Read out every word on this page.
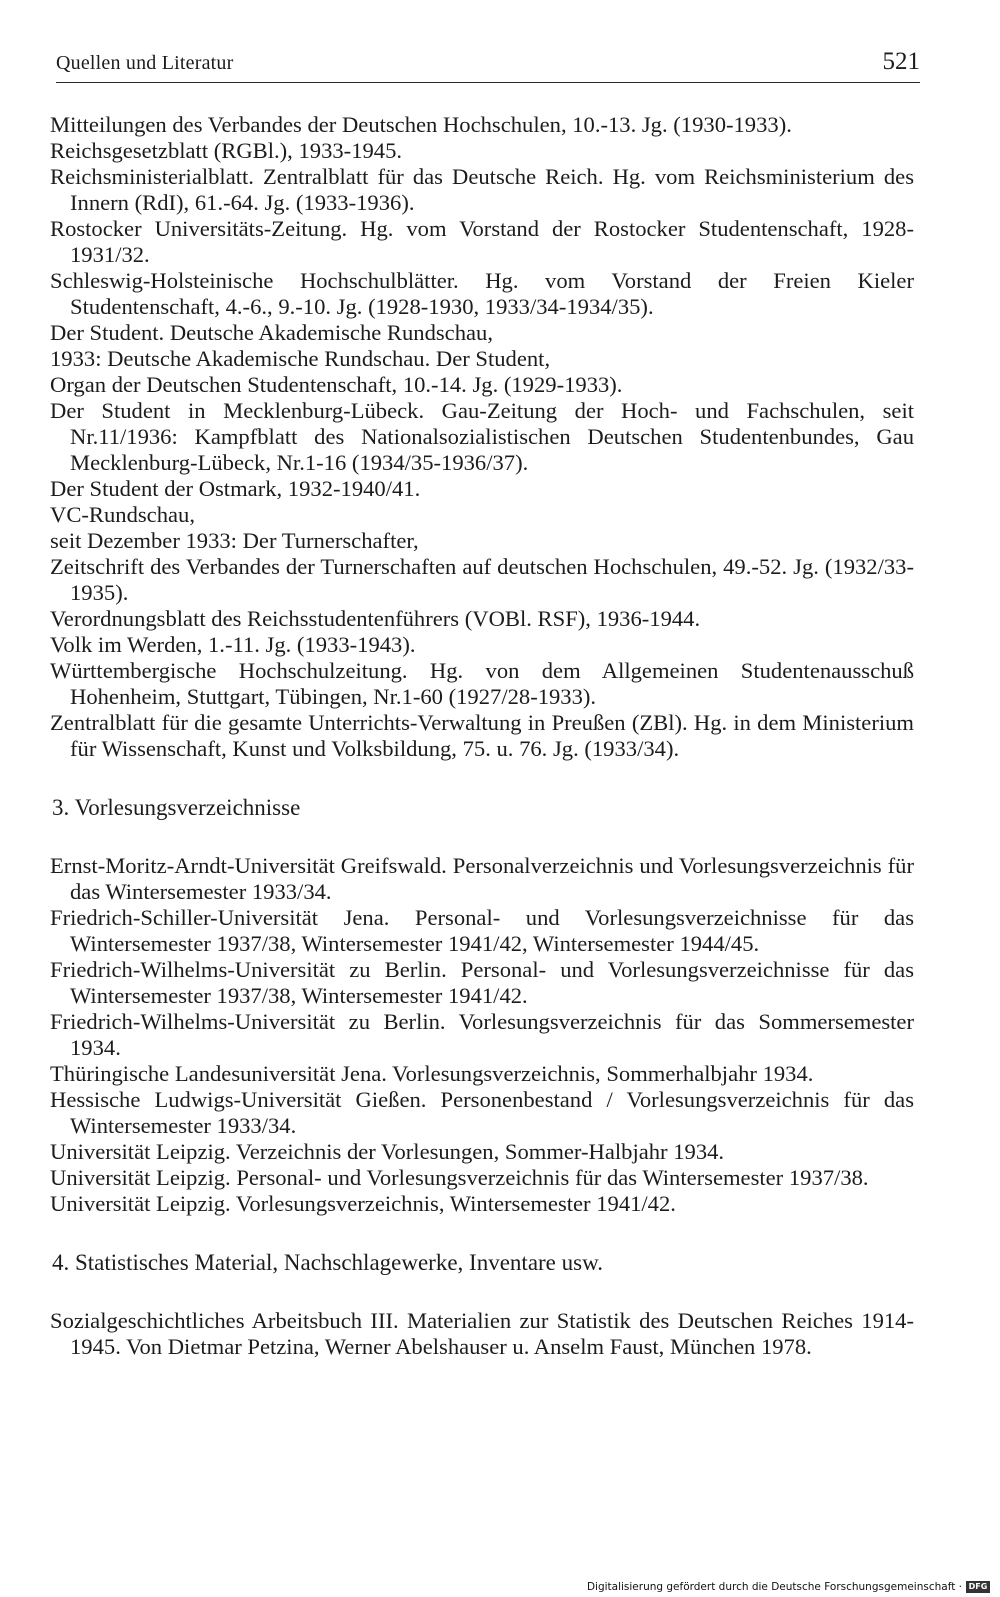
Quellen und Literatur	521

Mitteilungen des Verbandes der Deutschen Hochschulen, 10.-13. Jg. (1930-1933).

Reichsgesetzblatt (RGBl.), 1933-1945.

Reichsministerialblatt. Zentralblatt für das Deutsche Reich. Hg. vom Reichsministerium des Innern (RdI), 61.-64. Jg. (1933-1936).

Rostocker Universitäts-Zeitung. Hg. vom Vorstand der Rostocker Studentenschaft, 1928-1931/32.

Schleswig-Holsteinische Hochschulblätter. Hg. vom Vorstand der Freien Kieler Studentenschaft, 4.-6., 9.-10. Jg. (1928-1930, 1933/34-1934/35).

Der Student. Deutsche Akademische Rundschau,
1933: Deutsche Akademische Rundschau. Der Student,
Organ der Deutschen Studentenschaft, 10.-14. Jg. (1929-1933).

Der Student in Mecklenburg-Lübeck. Gau-Zeitung der Hoch- und Fachschulen, seit Nr.11/1936: Kampfblatt des Nationalsozialistischen Deutschen Studentenbundes, Gau Mecklenburg-Lübeck, Nr.1-16 (1934/35-1936/37).

Der Student der Ostmark, 1932-1940/41.

VC-Rundschau,
seit Dezember 1933: Der Turnerschafter,
Zeitschrift des Verbandes der Turnerschaften auf deutschen Hochschulen, 49.-52. Jg. (1932/33-1935).

Verordnungsblatt des Reichsstudentenführers (VOBl. RSF), 1936-1944.

Volk im Werden, 1.-11. Jg. (1933-1943).

Württembergische Hochschulzeitung. Hg. von dem Allgemeinen Studentenausschuß Hohenheim, Stuttgart, Tübingen, Nr.1-60 (1927/28-1933).

Zentralblatt für die gesamte Unterrichts-Verwaltung in Preußen (ZBl). Hg. in dem Ministerium für Wissenschaft, Kunst und Volksbildung, 75. u. 76. Jg. (1933/34).

3. Vorlesungsverzeichnisse

Ernst-Moritz-Arndt-Universität Greifswald. Personalverzeichnis und Vorlesungsverzeichnis für das Wintersemester 1933/34.

Friedrich-Schiller-Universität Jena. Personal- und Vorlesungsverzeichnisse für das Wintersemester 1937/38, Wintersemester 1941/42, Wintersemester 1944/45.

Friedrich-Wilhelms-Universität zu Berlin. Personal- und Vorlesungsverzeichnisse für das Wintersemester 1937/38, Wintersemester 1941/42.

Friedrich-Wilhelms-Universität zu Berlin. Vorlesungsverzeichnis für das Sommersemester 1934.

Thüringische Landesuniversität Jena. Vorlesungsverzeichnis, Sommerhalbjahr 1934.

Hessische Ludwigs-Universität Gießen. Personenbestand / Vorlesungsverzeichnis für das Wintersemester 1933/34.

Universität Leipzig. Verzeichnis der Vorlesungen, Sommer-Halbjahr 1934.

Universität Leipzig. Personal- und Vorlesungsverzeichnis für das Wintersemester 1937/38.

Universität Leipzig. Vorlesungsverzeichnis, Wintersemester 1941/42.

4. Statistisches Material, Nachschlagewerke, Inventare usw.

Sozialgeschichtliches Arbeitsbuch III. Materialien zur Statistik des Deutschen Reiches 1914-1945. Von Dietmar Petzina, Werner Abelshauser u. Anselm Faust, München 1978.

Digitalisierung gefördert durch die Deutsche Forschungsgemeinschaft · DFG
